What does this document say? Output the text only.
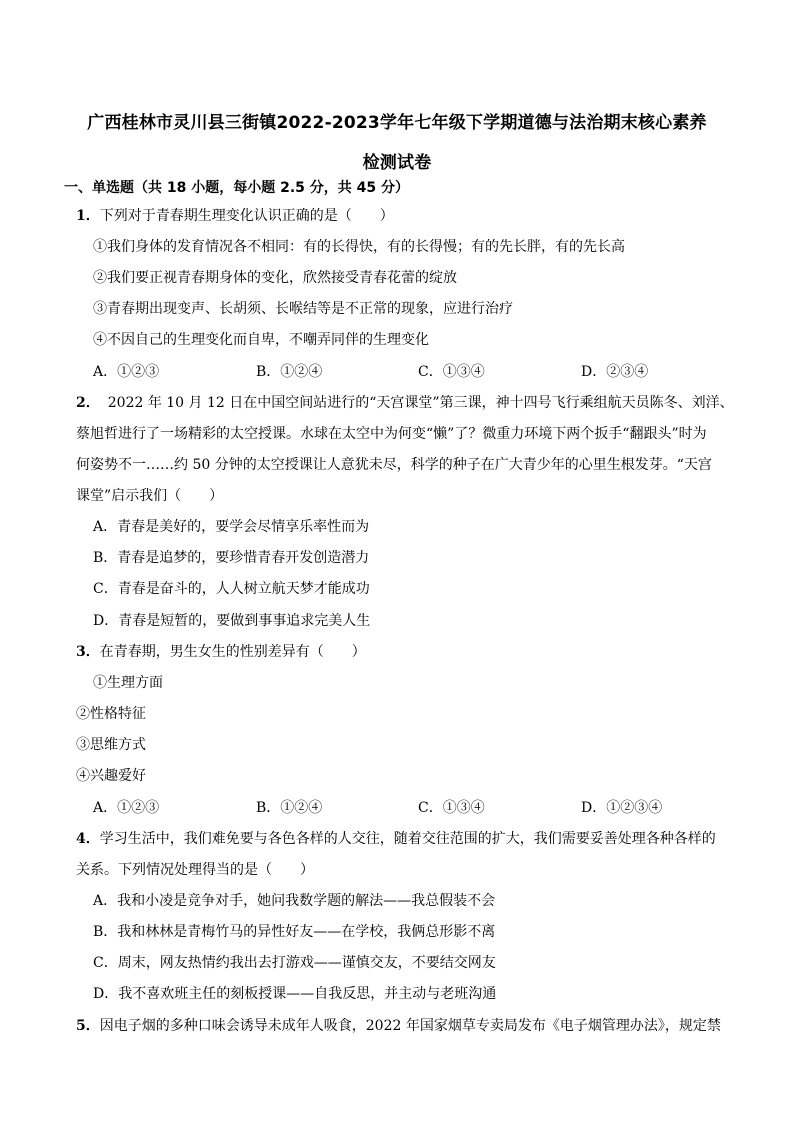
广西桂林市灵川县三街镇2022-2023学年七年级下学期道德与法治期末核心素养
检测试卷
一、单选题（共 18 小题，每小题 2.5 分，共 45 分）
1．下列对于青春期生理变化认识正确的是（　　）
①我们身体的发育情况各不相同：有的长得快，有的长得慢；有的先长胖，有的先长高
②我们要正视青春期身体的变化，欣然接受青春花蕾的绽放
③青春期出现变声、长胡须、长喉结等是不正常的现象，应进行治疗
④不因自己的生理变化而自卑，不嘲弄同伴的生理变化
A．①②③	B．①②④	C．①③④	D．②③④
2． 2022 年 10 月 12 日在中国空间站进行的“天宫课堂”第三课，神十四号飞行乘组航天员陈冬、刘洋、
蔡旭哲进行了一场精彩的太空授课。水球在太空中为何变“懒”了？微重力环境下两个扳手“翻跟头”时为
何姿势不一……约 50 分钟的太空授课让人意犹未尽，科学的种子在广大青少年的心里生根发芽。“天宫
课堂”启示我们（　　）
A．青春是美好的，要学会尽情享乐率性而为
B．青春是追梦的，要珍惜青春开发创造潜力
C．青春是奋斗的，人人树立航天梦才能成功
D．青春是短暂的，要做到事事追求完美人生
3．在青春期，男生女生的性别差异有（　　）
①生理方面
②性格特征
③思维方式
④兴趣爱好
A．①②③	B．①②④	C．①③④	D．①②③④
4．学习生活中，我们难免要与各色各样的人交往，随着交往范围的扩大，我们需要妥善处理各种各样的
关系。下列情况处理得当的是（　　）
A．我和小凌是竞争对手，她问我数学题的解法——我总假装不会
B．我和林林是青梅竹马的异性好友——在学校，我俩总形影不离
C．周末，网友热情约我出去打游戏——谨慎交友，不要结交网友
D．我不喜欢班主任的刻板授课——自我反思，并主动与老班沟通
5．因电子烟的多种口味会诱导未成年人吸食，2022 年国家烟草专卖局发布《电子烟管理办法》，规定禁
